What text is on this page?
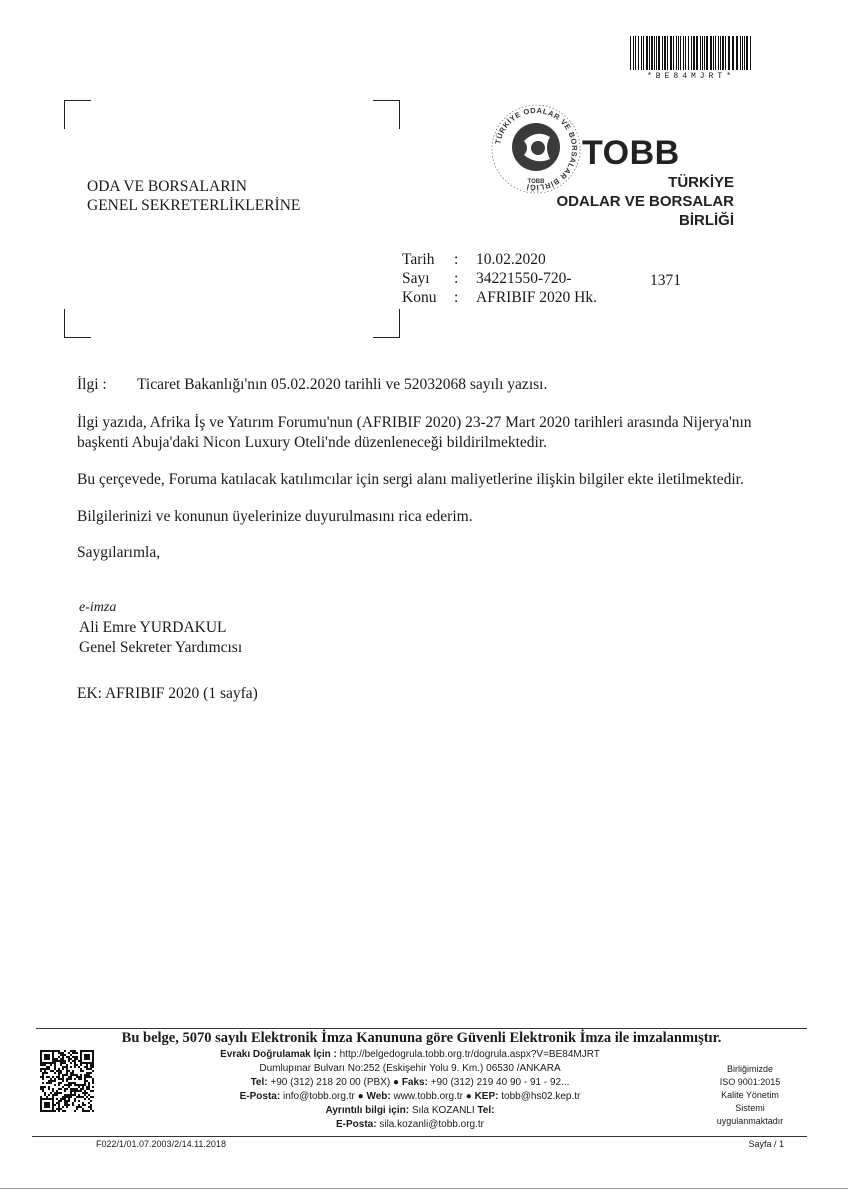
*BE84MJRT*
ODA VE BORSALARIN
GENEL SEKRETERLİKLERİNE
TÜRKİYE ODALAR VE BORSALAR BİRLİĞİ
TOBB
TOBB
TÜRKİYE
ODALAR VE BORSALAR
BİRLİĞİ
Tarih	:	10.02.2020
Sayı	:	34221550-720-
Konu	:	AFRIBIF 2020 Hk.
1371
İlgi : Ticaret Bakanlığı'nın 05.02.2020 tarihli ve 52032068 sayılı yazısı.
İlgi yazıda, Afrika İş ve Yatırım Forumu'nun (AFRIBIF 2020) 23-27 Mart 2020 tarihleri arasında Nijerya'nın başkenti Abuja'daki Nicon Luxury Oteli'nde düzenleneceği bildirilmektedir.
Bu çerçevede, Foruma katılacak katılımcılar için sergi alanı maliyetlerine ilişkin bilgiler ekte iletilmektedir.
Bilgilerinizi ve konunun üyelerinize duyurulmasını rica ederim.
Saygılarımla,
e-imza
Ali Emre YURDAKUL
Genel Sekreter Yardımcısı
EK: AFRIBIF 2020 (1 sayfa)
Bu belge, 5070 sayılı Elektronik İmza Kanununa göre Güvenli Elektronik İmza ile imzalanmıştır.
Evrakı Doğrulamak İçin : http://belgedogrula.tobb.org.tr/dogrula.aspx?V=BE84MJRT
Dumlupınar Bulvarı No:252 (Eskişehir Yolu 9. Km.) 06530 /ANKARA
Tel: +90 (312) 218 20 00 (PBX) ● Faks: +90 (312) 219 40 90 - 91 - 92...
E-Posta: info@tobb.org.tr ● Web: www.tobb.org.tr ● KEP: tobb@hs02.kep.tr
Ayrıntılı bilgi için: Sıla KOZANLI Tel:
E-Posta: sila.kozanli@tobb.org.tr
Birliğimizde
ISO 9001:2015
Kalite Yönetim
Sistemi
uygulanmaktadır
F022/1/01.07.2003/2/14.11.2018	Sayfa / 1
